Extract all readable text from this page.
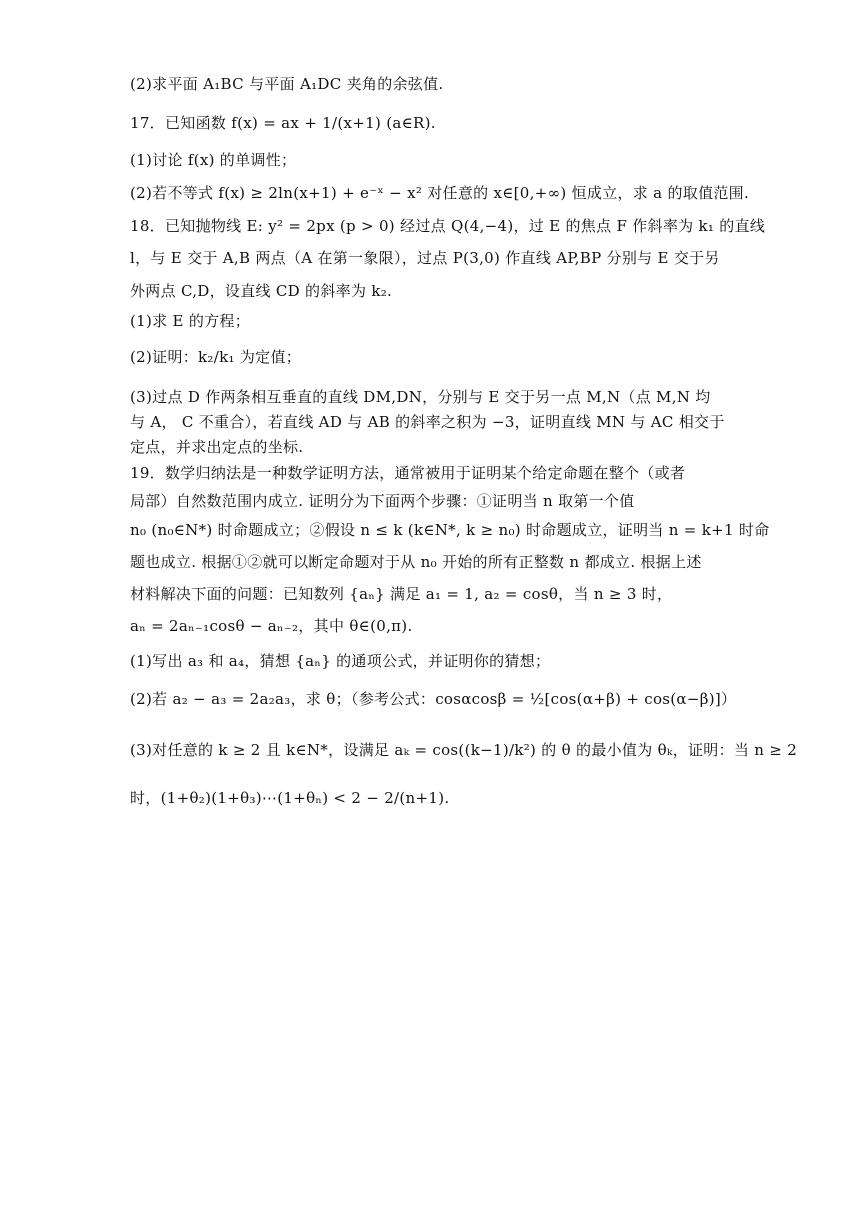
(2)求平面 A₁BC 与平面 A₁DC 夹角的余弦值.
17．已知函数 f(x) = ax + 1/(x+1) (a∈R).
(1)讨论 f(x) 的单调性；
(2)若不等式 f(x) ≥ 2ln(x+1) + e⁻ˣ − x² 对任意的 x∈[0,+∞) 恒成立，求 a 的取值范围.
18．已知抛物线 E: y² = 2px (p > 0) 经过点 Q(4,−4)，过 E 的焦点 F 作斜率为 k₁ 的直线
l，与 E 交于 A,B 两点（A 在第一象限），过点 P(3,0) 作直线 AP,BP 分别与 E 交于另
外两点 C,D，设直线 CD 的斜率为 k₂.
(1)求 E 的方程；
(2)证明：k₂/k₁ 为定值；
(3)过点 D 作两条相互垂直的直线 DM,DN，分别与 E 交于另一点 M,N（点 M,N 均
与 A， C 不重合），若直线 AD 与 AB 的斜率之积为 −3，证明直线 MN 与 AC 相交于
定点，并求出定点的坐标.
19．数学归纳法是一种数学证明方法，通常被用于证明某个给定命题在整个（或者
局部）自然数范围内成立. 证明分为下面两个步骤：①证明当 n 取第一个值
n₀ (n₀∈N*) 时命题成立；②假设 n ≤ k (k∈N*, k ≥ n₀) 时命题成立，证明当 n = k+1 时命
题也成立. 根据①②就可以断定命题对于从 n₀ 开始的所有正整数 n 都成立. 根据上述
材料解决下面的问题：已知数列 {aₙ} 满足 a₁ = 1, a₂ = cosθ，当 n ≥ 3 时，
aₙ = 2aₙ₋₁cosθ − aₙ₋₂，其中 θ∈(0,π).
(1)写出 a₃ 和 a₄，猜想 {aₙ} 的通项公式，并证明你的猜想；
(2)若 a₂ − a₃ = 2a₂a₃，求 θ；（参考公式：cosαcosβ = ½[cos(α+β) + cos(α−β)]）
(3)对任意的 k ≥ 2 且 k∈N*，设满足 aₖ = cos((k−1)/k²) 的 θ 的最小值为 θₖ，证明：当 n ≥ 2
时，(1+θ₂)(1+θ₃)⋯(1+θₙ) < 2 − 2/(n+1).
